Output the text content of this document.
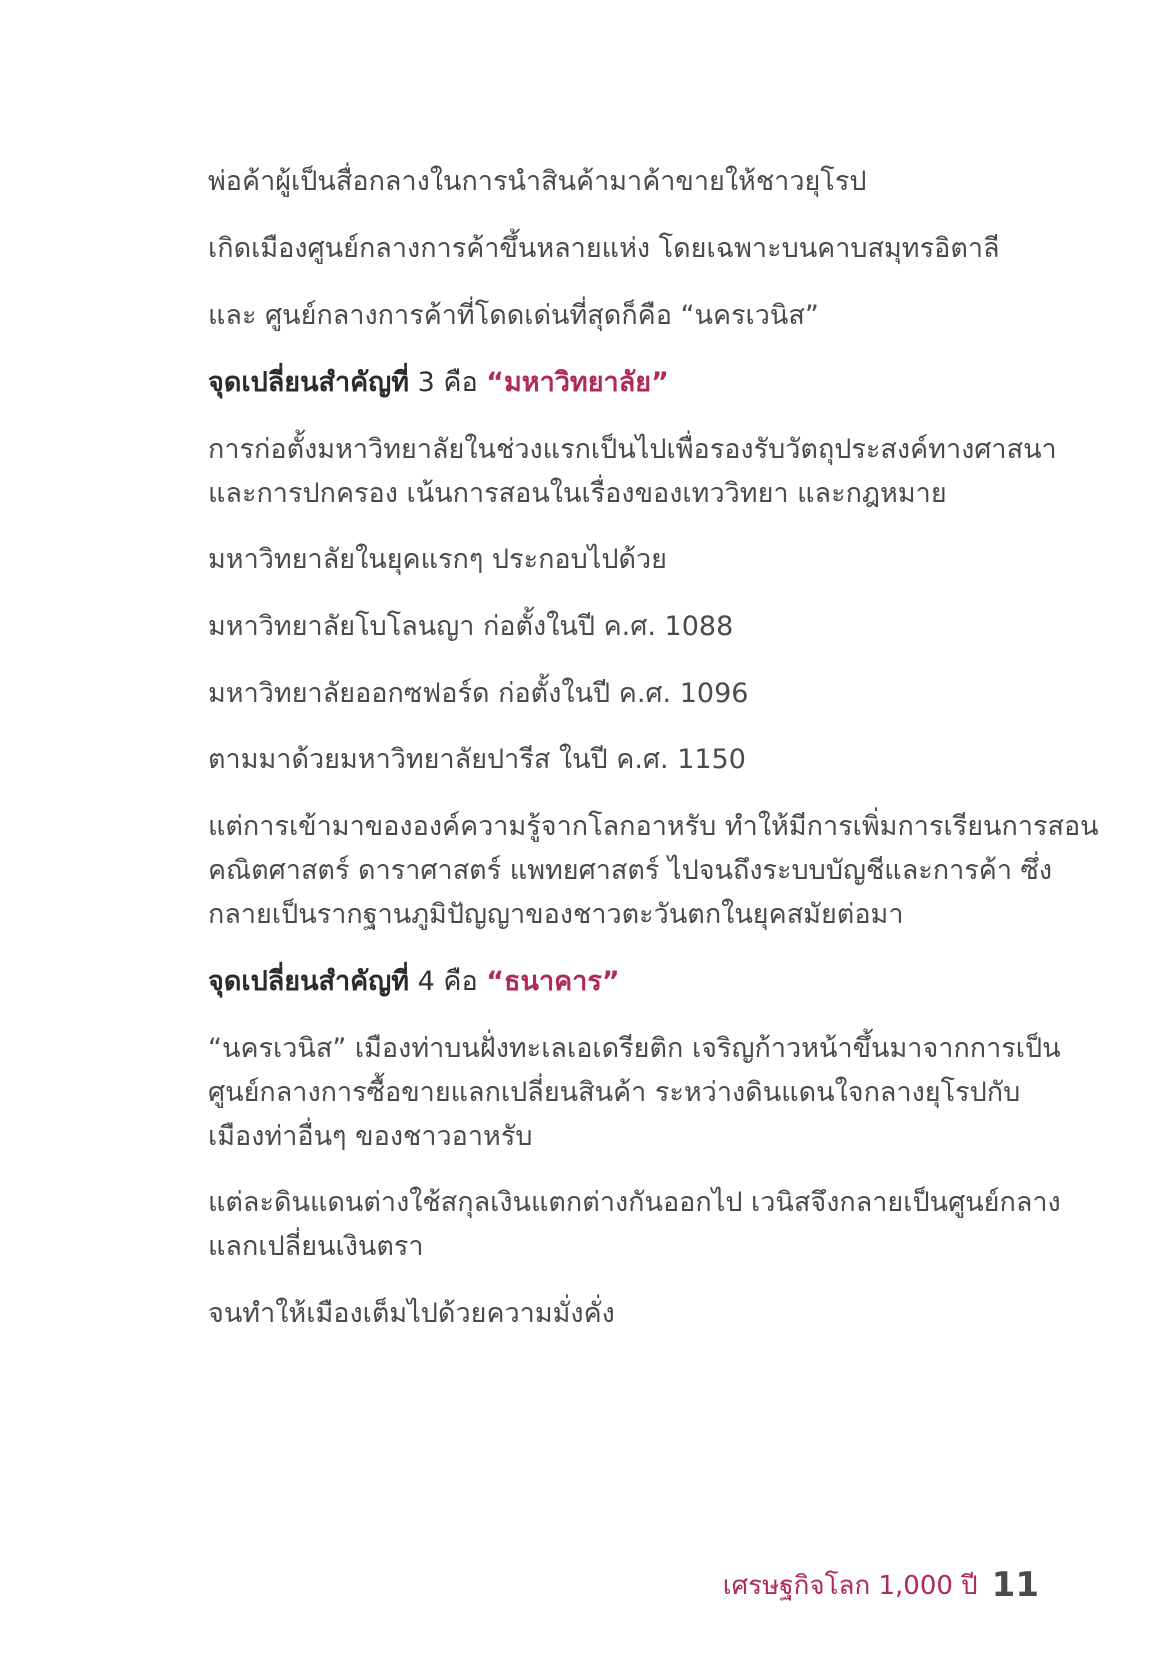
พ่อค้าผู้เป็นสื่อกลางในการนำสินค้ามาค้าขายให้ชาวยุโรป
เกิดเมืองศูนย์กลางการค้าขึ้นหลายแห่ง โดยเฉพาะบนคาบสมุทรอิตาลี
และ ศูนย์กลางการค้าที่โดดเด่นที่สุดก็คือ “นครเวนิส”
จุดเปลี่ยนสำคัญที่ 3 คือ “มหาวิทยาลัย”
การก่อตั้งมหาวิทยาลัยในช่วงแรกเป็นไปเพื่อรองรับวัตถุประสงค์ทางศาสนา
และการปกครอง เน้นการสอนในเรื่องของเทววิทยา และกฎหมาย
มหาวิทยาลัยในยุคแรกๆ ประกอบไปด้วย
มหาวิทยาลัยโบโลนญา ก่อตั้งในปี ค.ศ. 1088
มหาวิทยาลัยออกซฟอร์ด ก่อตั้งในปี ค.ศ. 1096
ตามมาด้วยมหาวิทยาลัยปารีส ในปี ค.ศ. 1150
แต่การเข้ามาขององค์ความรู้จากโลกอาหรับ ทำให้มีการเพิ่มการเรียนการสอน
คณิตศาสตร์ ดาราศาสตร์ แพทยศาสตร์ ไปจนถึงระบบบัญชีและการค้า ซึ่ง
กลายเป็นรากฐานภูมิปัญญาของชาวตะวันตกในยุคสมัยต่อมา
จุดเปลี่ยนสำคัญที่ 4 คือ “ธนาคาร”
“นครเวนิส” เมืองท่าบนฝั่งทะเลเอเดรียติก เจริญก้าวหน้าขึ้นมาจากการเป็น
ศูนย์กลางการซื้อขายแลกเปลี่ยนสินค้า ระหว่างดินแดนใจกลางยุโรปกับ
เมืองท่าอื่นๆ ของชาวอาหรับ
แต่ละดินแดนต่างใช้สกุลเงินแตกต่างกันออกไป เวนิสจึงกลายเป็นศูนย์กลาง
แลกเปลี่ยนเงินตรา
จนทำให้เมืองเต็มไปด้วยความมั่งคั่ง
เศรษฐกิจโลก 1,000 ปี 11
